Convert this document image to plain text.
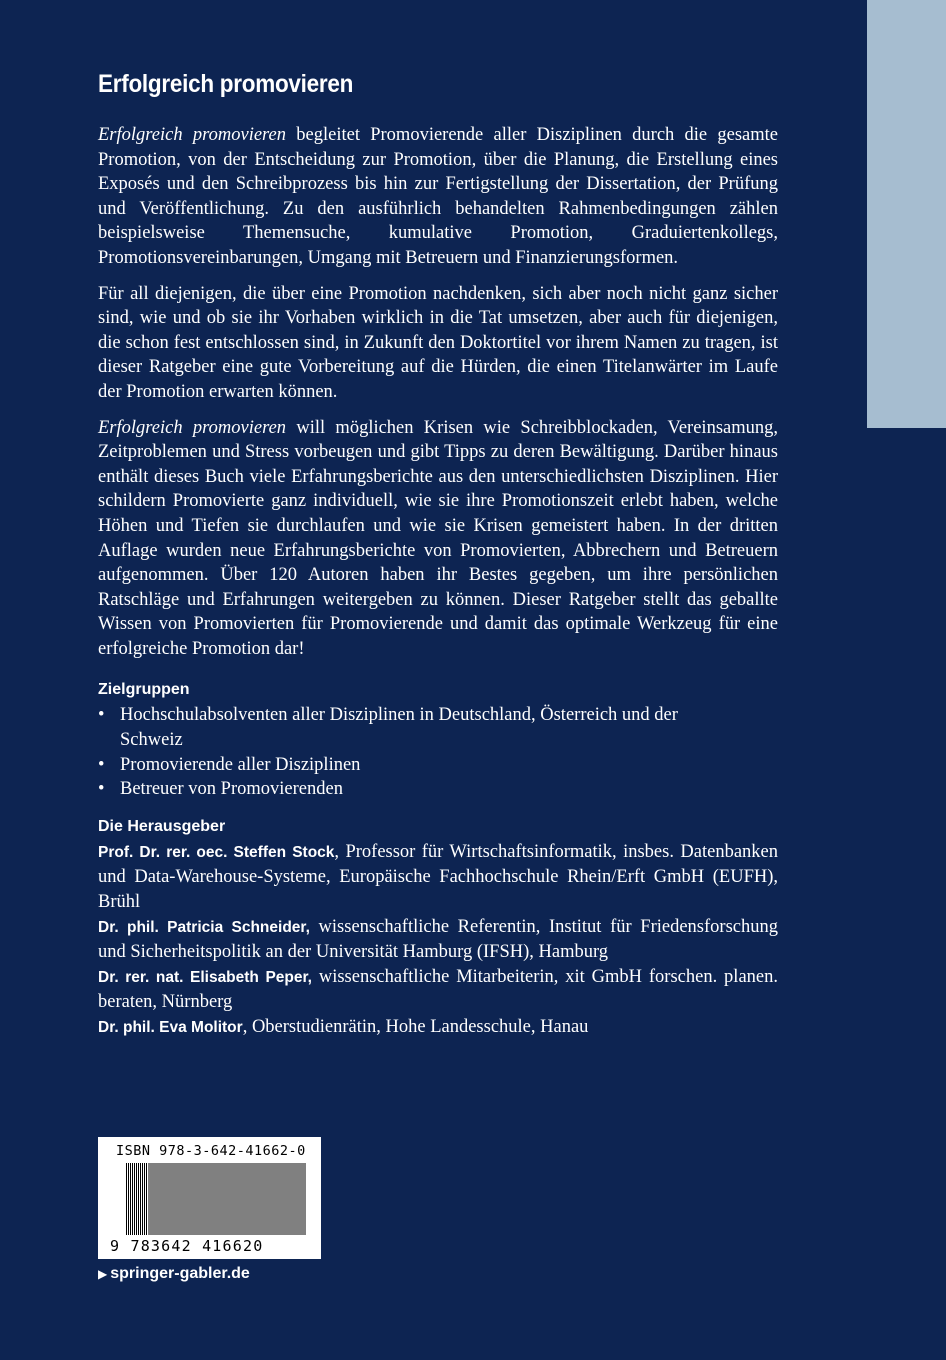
Erfolgreich promovieren

Erfolgreich promovieren begleitet Promovierende aller Disziplinen durch die gesamte Promotion, von der Entscheidung zur Promotion, über die Planung, die Erstellung eines Exposés und den Schreibprozess bis hin zur Fertigstellung der Dissertation, der Prüfung und Veröffentlichung. Zu den ausführlich behandelten Rahmenbedingungen zählen beispielsweise Themensuche, kumulative Promotion, Graduiertenkollegs, Promotionsvereinbarungen, Umgang mit Betreuern und Finanzierungsformen.

Für all diejenigen, die über eine Promotion nachdenken, sich aber noch nicht ganz sicher sind, wie und ob sie ihr Vorhaben wirklich in die Tat umsetzen, aber auch für diejenigen, die schon fest entschlossen sind, in Zukunft den Doktortitel vor ihrem Namen zu tragen, ist dieser Ratgeber eine gute Vorbereitung auf die Hürden, die einen Titelanwärter im Laufe der Promotion erwarten können.

Erfolgreich promovieren will möglichen Krisen wie Schreibblockaden, Vereinsamung, Zeitproblemen und Stress vorbeugen und gibt Tipps zu deren Bewältigung. Darüber hinaus enthält dieses Buch viele Erfahrungsberichte aus den unterschiedlichsten Disziplinen. Hier schildern Promovierte ganz individuell, wie sie ihre Promotionszeit erlebt haben, welche Höhen und Tiefen sie durchlaufen und wie sie Krisen gemeistert haben. In der dritten Auflage wurden neue Erfahrungsberichte von Promovierten, Abbrechern und Betreuern aufgenommen. Über 120 Autoren haben ihr Bestes gegeben, um ihre persönlichen Ratschläge und Erfahrungen weitergeben zu können. Dieser Ratgeber stellt das geballte Wissen von Promovierten für Promovierende und damit das optimale Werkzeug für eine erfolgreiche Promotion dar!

Zielgruppen
• Hochschulabsolventen aller Disziplinen in Deutschland, Österreich und der Schweiz
• Promovierende aller Disziplinen
• Betreuer von Promovierenden
Die Herausgeber

Prof. Dr. rer. oec. Steffen Stock, Professor für Wirtschaftsinformatik, insbes. Datenbanken und Data-Warehouse-Systeme, Europäische Fachhochschule Rhein/Erft GmbH (EUFH), Brühl

Dr. phil. Patricia Schneider, wissenschaftliche Referentin, Institut für Friedensforschung und Sicherheitspolitik an der Universität Hamburg (IFSH), Hamburg

Dr. rer. nat. Elisabeth Peper, wissenschaftliche Mitarbeiterin, xit GmbH forschen. planen. beraten, Nürnberg

Dr. phil. Eva Molitor, Oberstudienrätin, Hohe Landesschule, Hanau

ISBN 978-3-642-41662-0
9 783642 416620
▶ springer-gabler.de
